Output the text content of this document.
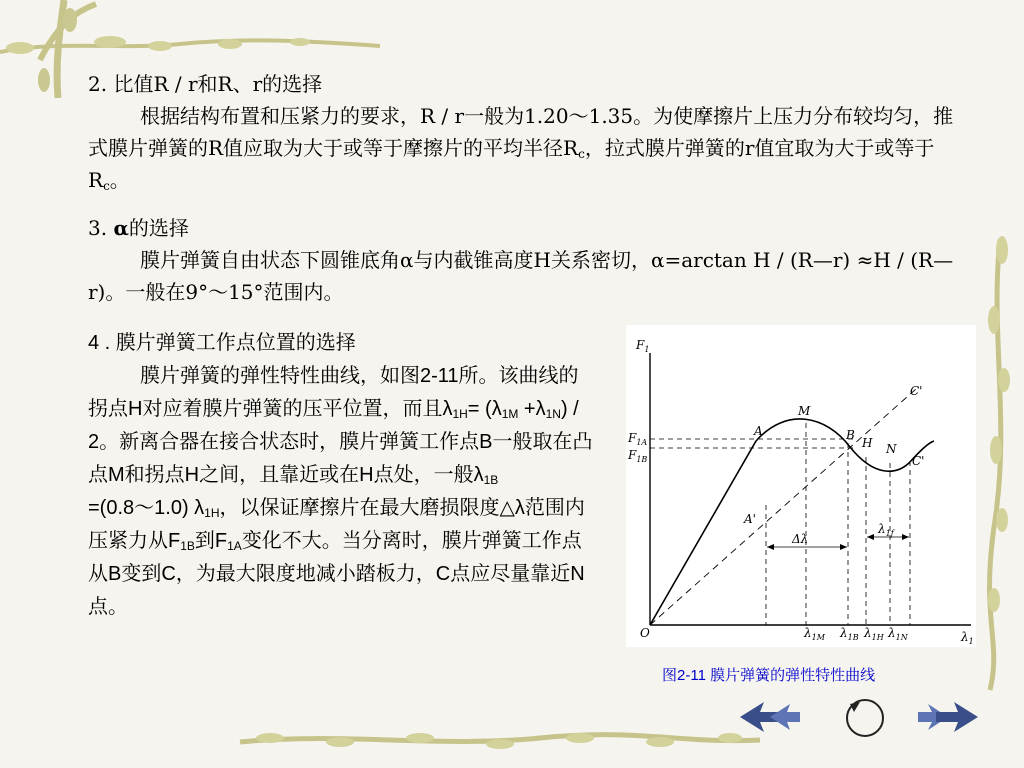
2. 比值R / r和R、r的选择
根据结构布置和压紧力的要求，R / r一般为1.20～1.35。为使摩擦片上压力分布较均匀，推式膜片弹簧的R值应取为大于或等于摩擦片的平均半径$R_c$，拉式膜片弹簧的r值宜取为大于或等于$R_c$。
3. α的选择
膜片弹簧自由状态下圆锥底角α与内截锥高度H关系密切，α=arctan H / (R—r) ≈H / (R—r)。一般在9°～15°范围内。
4 . 膜片弹簧工作点位置的选择
膜片弹簧的弹性特性曲线，如图2-11所。该曲线的拐点H对应着膜片弹簧的压平位置，而且$\lambda_{1H}= (\lambda_{1M} +\lambda_{1N}) / 2$。新离合器在接合状态时，膜片弹簧工作点B一般取在凸点M和拐点H之间，且靠近或在H点处，一般$\lambda_{1B}$
=(0.8～1.0) $\lambda_{1H}$，以保证摩擦片在最大磨损限度△λ范围内压紧力从$F_{1B}$到$F_{1A}$变化不大。当分离时，膜片弹簧工作点从B变到C，为最大限度地减小踏板力，C点应尽量靠近N点。
$F_1$
$\lambda_1$
O
$F_{1A}$
$F_{1B}$
A
M
B
H N
C'
C'
A'
Δλ
$\lambda_{1f}$
$\lambda_{1M}$ $\lambda_{1B}$ $\lambda_{1H}$ $\lambda_{1N}$
图2-11 膜片弹簧的弹性特性曲线
